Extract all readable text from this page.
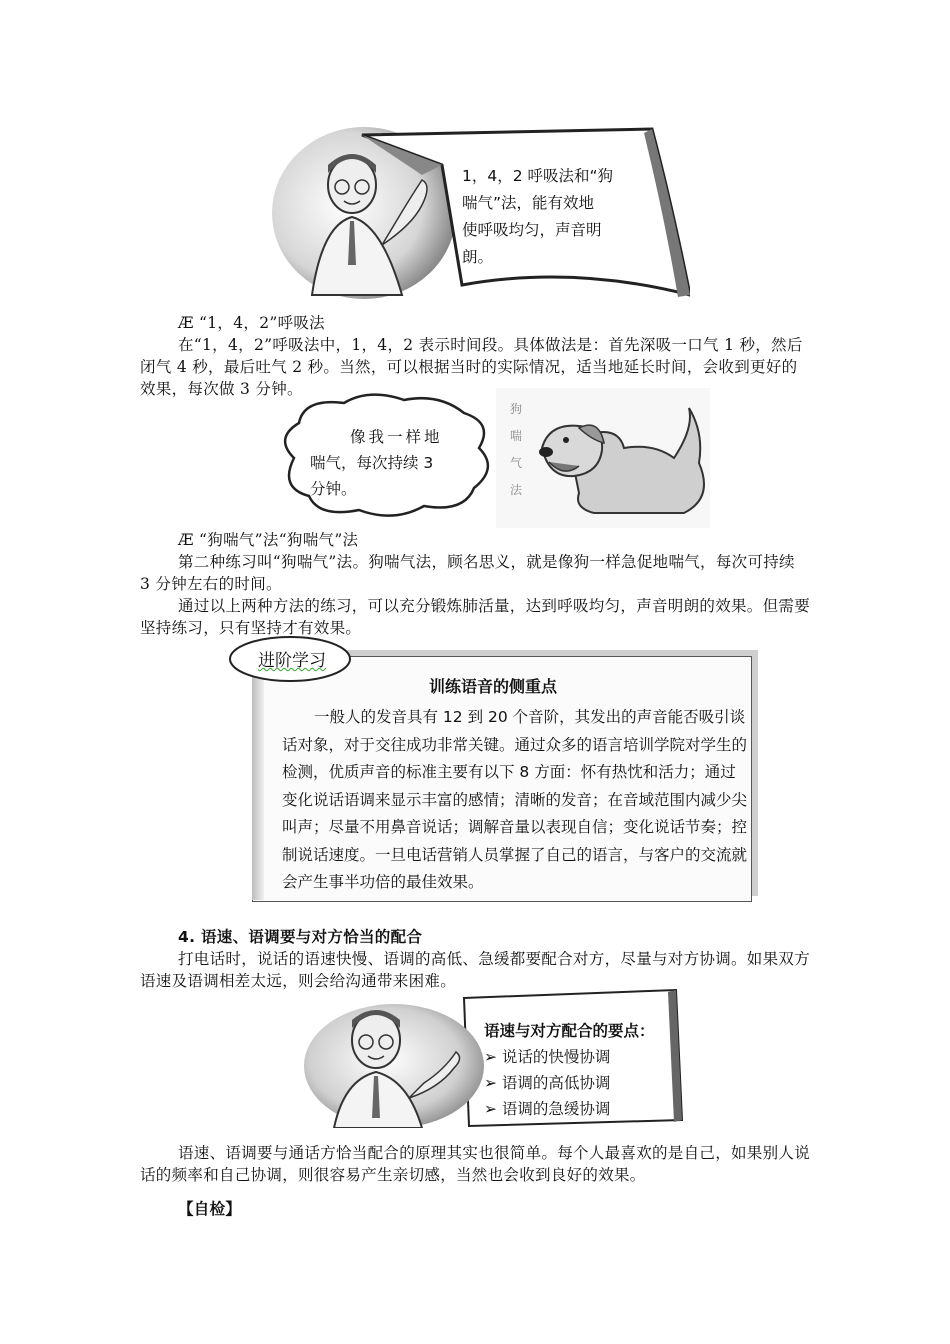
1，4，2 呼吸法和“狗
喘气”法，能有效地
使呼吸均匀，声音明
朗。
Æ “1，4，2”呼吸法
在“1，4，2”呼吸法中，1，4，2 表示时间段。具体做法是：首先深吸一口气 1 秒，然后闭气 4 秒，最后吐气 2 秒。当然，可以根据当时的实际情况，适当地延长时间，会收到更好的效果，每次做 3 分钟。
狗
喘
气
法
像我一样地
喘气，每次持续 3
分钟。
Æ “狗喘气”法“狗喘气”法
第二种练习叫“狗喘气”法。狗喘气法，顾名思义，就是像狗一样急促地喘气，每次可持续 3 分钟左右的时间。
通过以上两种方法的练习，可以充分锻炼肺活量，达到呼吸均匀，声音明朗的效果。但需要坚持练习，只有坚持才有效果。
进阶学习
训练语音的侧重点
一般人的发音具有 12 到 20 个音阶，其发出的声音能否吸引谈话对象，对于交往成功非常关键。通过众多的语言培训学院对学生的检测，优质声音的标准主要有以下 8 方面：怀有热忱和活力；通过变化说话语调来显示丰富的感情；清晰的发音；在音域范围内减少尖叫声；尽量不用鼻音说话；调解音量以表现自信；变化说话节奏；控制说话速度。一旦电话营销人员掌握了自己的语言，与客户的交流就会产生事半功倍的最佳效果。
4. 语速、语调要与对方恰当的配合
打电话时，说话的语速快慢、语调的高低、急缓都要配合对方，尽量与对方协调。如果双方语速及语调相差太远，则会给沟通带来困难。
语速与对方配合的要点：
➢ 说话的快慢协调
➢ 语调的高低协调
➢ 语调的急缓协调
语速、语调要与通话方恰当配合的原理其实也很简单。每个人最喜欢的是自己，如果别人说话的频率和自己协调，则很容易产生亲切感，当然也会收到良好的效果。
【自检】
